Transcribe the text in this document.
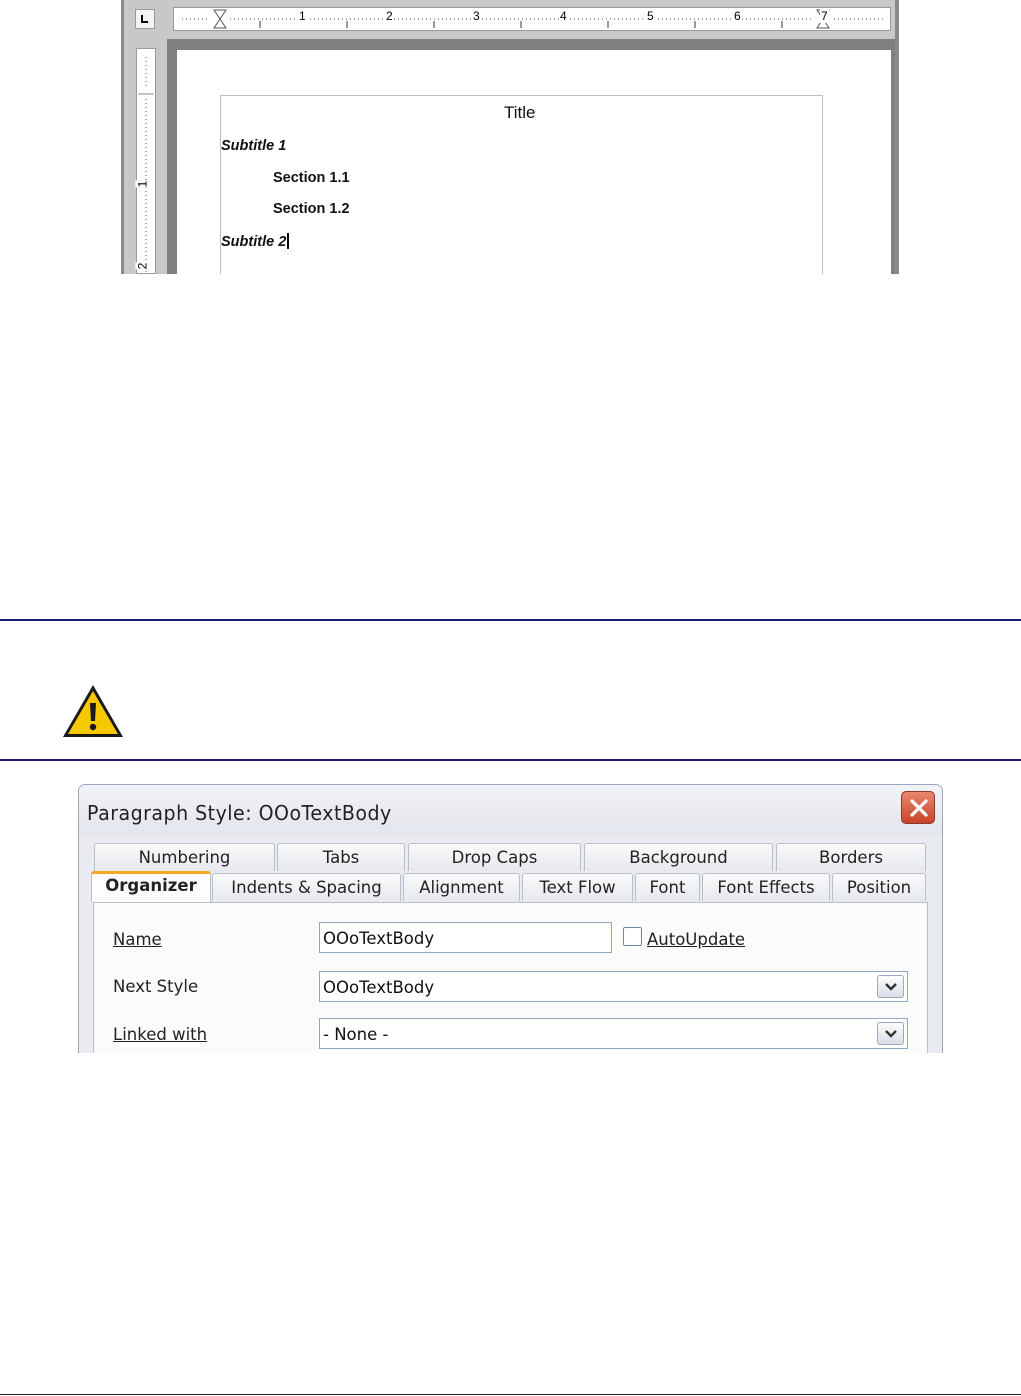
1	2	3	4	5	6	7
1
2
Title
Subtitle 1
Section 1.1
Section 1.2
Subtitle 2
Paragraph Style: OOoTextBody
Numbering	Tabs	Drop Caps	Background	Borders
Organizer	Indents & Spacing	Alignment	Text Flow	Font	Font Effects	Position
Name	OOoTextBody	AutoUpdate
Next Style	OOoTextBody
Linked with	- None -
